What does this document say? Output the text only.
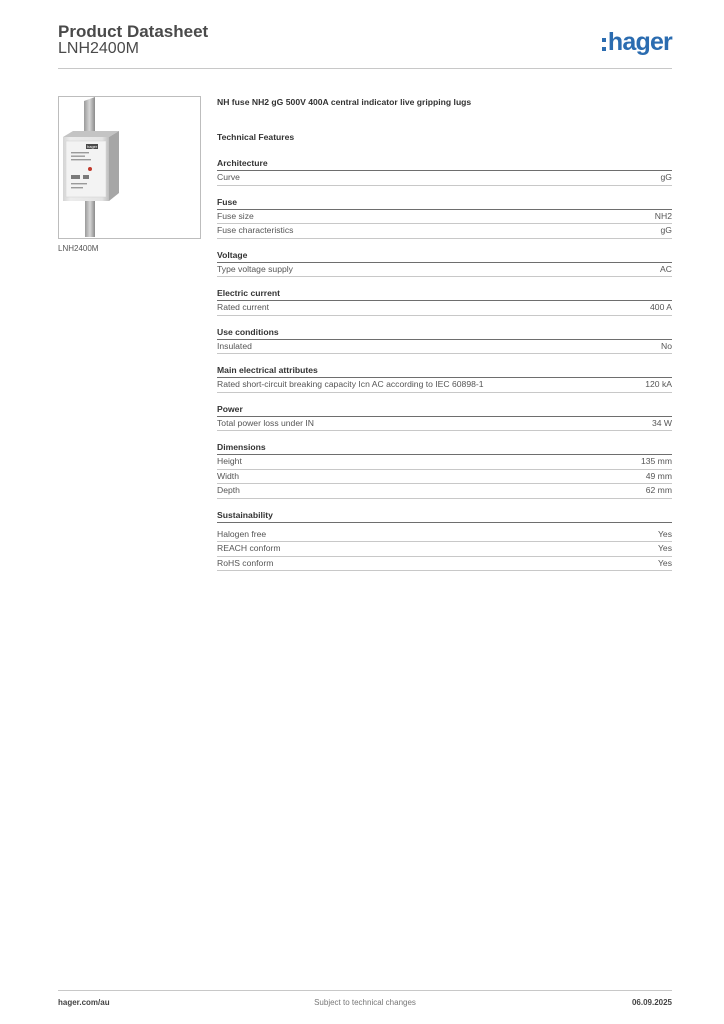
Product Datasheet
LNH2400M	hager
hager
LNH2400M
NH fuse NH2 gG 500V 400A central indicator live gripping lugs
Technical Features
Architecture
Curve	gG
Fuse
Fuse size	NH2
Fuse characteristics	gG
Voltage
Type voltage supply	AC
Electric current
Rated current	400 A
Use conditions
Insulated	No
Main electrical attributes
Rated short-circuit breaking capacity Icn AC according to IEC 60898-1	120 kA
Power
Total power loss under IN	34 W
Dimensions
Height	135 mm
Width	49 mm
Depth	62 mm
Sustainability
Halogen free	Yes
REACH conform	Yes
RoHS conform	Yes
hager.com/au	Subject to technical changes	06.09.2025
